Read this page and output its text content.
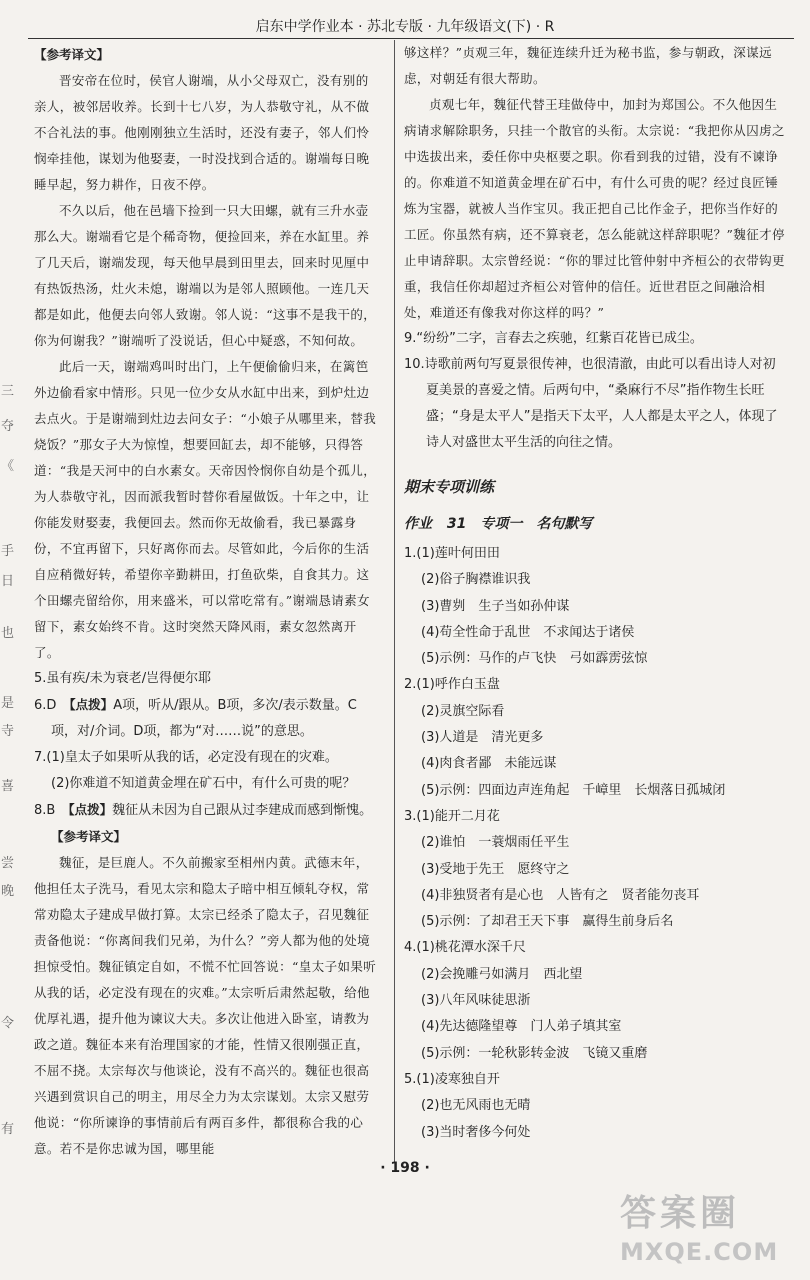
启东中学作业本 · 苏北专版 · 九年级语文(下) · R
三
夺
《
手
日
也
是
寺
喜
尝
晚
令
有

【参考译文】

晋安帝在位时，侯官人谢端，从小父母双亡，没有别的亲人，被邻居收养。长到十七八岁，为人恭敬守礼，从不做不合礼法的事。他刚刚独立生活时，还没有妻子，邻人们怜悯牵挂他，谋划为他娶妻，一时没找到合适的。谢端每日晚睡早起，努力耕作，日夜不停。

不久以后，他在邑墙下捡到一只大田螺，就有三升水壶那么大。谢端看它是个稀奇物，便捡回来，养在水缸里。养了几天后，谢端发现，每天他早晨到田里去，回来时见厘中有热饭热汤，灶火未熄，谢端以为是邻人照顾他。一连几天都是如此，他便去向邻人致谢。邻人说：“这事不是我干的，你为何谢我？”谢端听了没说话，但心中疑惑，不知何故。

此后一天，谢端鸡叫时出门，上午便偷偷归来，在篱笆外边偷看家中情形。只见一位少女从水缸中出来，到炉灶边去点火。于是谢端到灶边去问女子：“小娘子从哪里来，替我烧饭？”那女子大为惊惶，想要回缸去，却不能够，只得答道：“我是天河中的白水素女。天帝因怜悯你自幼是个孤儿，为人恭敬守礼，因而派我暂时替你看屋做饭。十年之中，让你能发财娶妻，我便回去。然而你无故偷看，我已暴露身份，不宜再留下，只好离你而去。尽管如此，今后你的生活自应稍微好转，希望你辛勤耕田，打鱼砍柴，自食其力。这个田螺壳留给你，用来盛米，可以常吃常有。”谢端恳请素女留下，素女始终不肯。这时突然天降风雨，素女忽然离开了。

5.虽有疾/未为衰老/岂得便尔耶

6.D　【点拨】A项，听从/跟从。B项，多次/表示数量。C项，对/介词。D项，都为“对……说”的意思。

7.(1)皇太子如果听从我的话，必定没有现在的灾难。

(2)你难道不知道黄金埋在矿石中，有什么可贵的呢？

8.B　【点拨】魏征从未因为自己跟从过李建成而感到惭愧。

【参考译文】

魏征，是巨鹿人。不久前搬家至相州内黄。武德末年，他担任太子洗马，看见太宗和隐太子暗中相互倾轧夺权，常常劝隐太子建成早做打算。太宗已经杀了隐太子，召见魏征责备他说：“你离间我们兄弟，为什么？”旁人都为他的处境担惊受怕。魏征镇定自如，不慌不忙回答说：“皇太子如果听从我的话，必定没有现在的灾难。”太宗听后肃然起敬，给他优厚礼遇，提升他为谏议大夫。多次让他进入卧室，请教为政之道。魏征本来有治理国家的才能，性情又很刚强正直，不屈不挠。太宗每次与他谈论，没有不高兴的。魏征也很高兴遇到赏识自己的明主，用尽全力为太宗谋划。太宗又慰劳他说：“你所谏诤的事情前后有两百多件，都很称合我的心意。若不是你忠诚为国，哪里能

够这样？”贞观三年，魏征连续升迁为秘书监，参与朝政，深谋远虑，对朝廷有很大帮助。

贞观七年，魏征代替王珪做侍中，加封为郑国公。不久他因生病请求解除职务，只挂一个散官的头衔。太宗说：“我把你从囚虏之中选拔出来，委任你中央枢要之职。你看到我的过错，没有不谏诤的。你难道不知道黄金埋在矿石中，有什么可贵的呢？经过良匠锤炼为宝器，就被人当作宝贝。我正把自己比作金子，把你当作好的工匠。你虽然有病，还不算衰老，怎么能就这样辞职呢？”魏征才停止申请辞职。太宗曾经说：“你的罪过比管仲射中齐桓公的衣带钩更重，我信任你却超过齐桓公对管仲的信任。近世君臣之间融洽相处，难道还有像我对你这样的吗？”

9.“纷纷”二字，言春去之疾驰，红紫百花皆已成尘。

10.诗歌前两句写夏景很传神，也很清澈，由此可以看出诗人对初夏美景的喜爱之情。后两句中，“桑麻行不尽”指作物生长旺盛；“身是太平人”是指天下太平，人人都是太平之人，体现了诗人对盛世太平生活的向往之情。

期末专项训练

作业 31　专项一　名句默写

1.(1)莲叶何田田

(2)俗子胸襟谁识我

(3)曹刿　生子当如孙仲谋

(4)苟全性命于乱世　不求闻达于诸侯

(5)示例：马作的卢飞快　弓如霹雳弦惊

2.(1)呼作白玉盘

(2)灵旗空际看

(3)人道是　清光更多

(4)肉食者鄙　未能远谋

(5)示例：四面边声连角起　千嶂里　长烟落日孤城闭

3.(1)能开二月花

(2)谁怕　一蓑烟雨任平生

(3)受地于先王　愿终守之

(4)非独贤者有是心也　人皆有之　贤者能勿丧耳

(5)示例：了却君王天下事　赢得生前身后名

4.(1)桃花潭水深千尺

(2)会挽雕弓如满月　西北望

(3)八年风味徒思浙

(4)先达德隆望尊　门人弟子填其室

(5)示例：一轮秋影转金波　飞镜又重磨

5.(1)凌寒独自开

(2)也无风雨也无晴

(3)当时奢侈今何处

· 198 ·
答案圈
MXQE.COM
